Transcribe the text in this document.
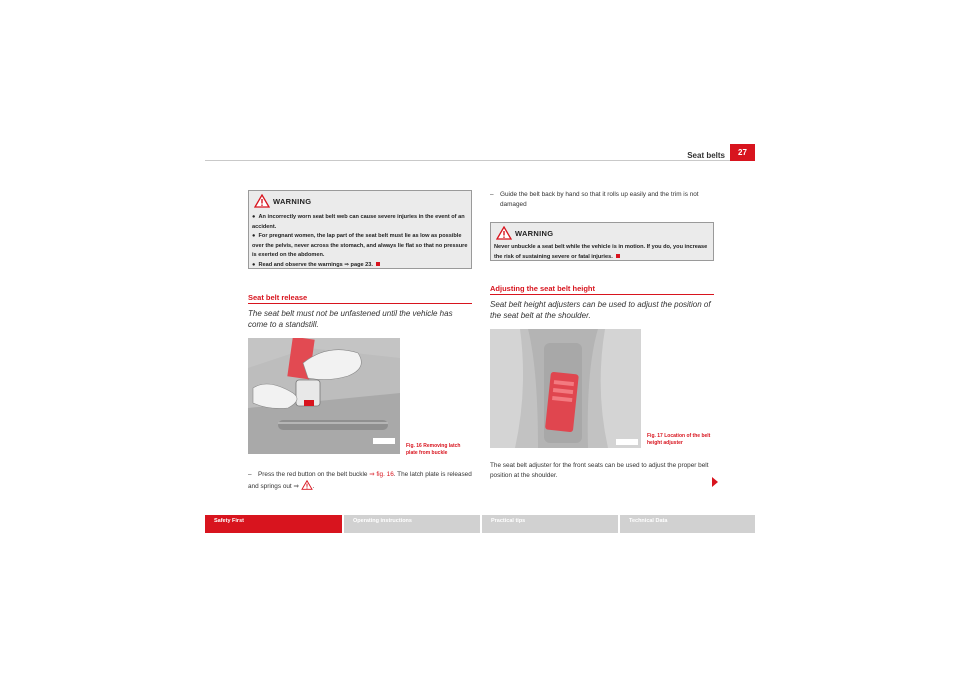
Seat belts	27
WARNING
●  An incorrectly worn seat belt web can cause severe injuries in the event of an accident.
●  For pregnant women, the lap part of the seat belt must lie as low as possible over the pelvis, never across the stomach, and always lie flat so that no pressure is exerted on the abdomen.
●  Read and observe the warnings ⇒ page 23.
Seat belt release
The seat belt must not be unfastened until the vehicle has come to a standstill.
Fig. 16 Removing latch plate from buckle
– Press the red button on the belt buckle ⇒ fig. 16. The latch plate is released and springs out ⇒ .
– Guide the belt back by hand so that it rolls up easily and the trim is not damaged
WARNING
Never unbuckle a seat belt while the vehicle is in motion. If you do, you increase the risk of sustaining severe or fatal injuries.
Adjusting the seat belt height
Seat belt height adjusters can be used to adjust the position of the seat belt at the shoulder.
Fig. 17 Location of the belt height adjuster
The seat belt adjuster for the front seats can be used to adjust the proper belt position at the shoulder.
Safety First	Operating instructions	Practical tips	Technical Data
